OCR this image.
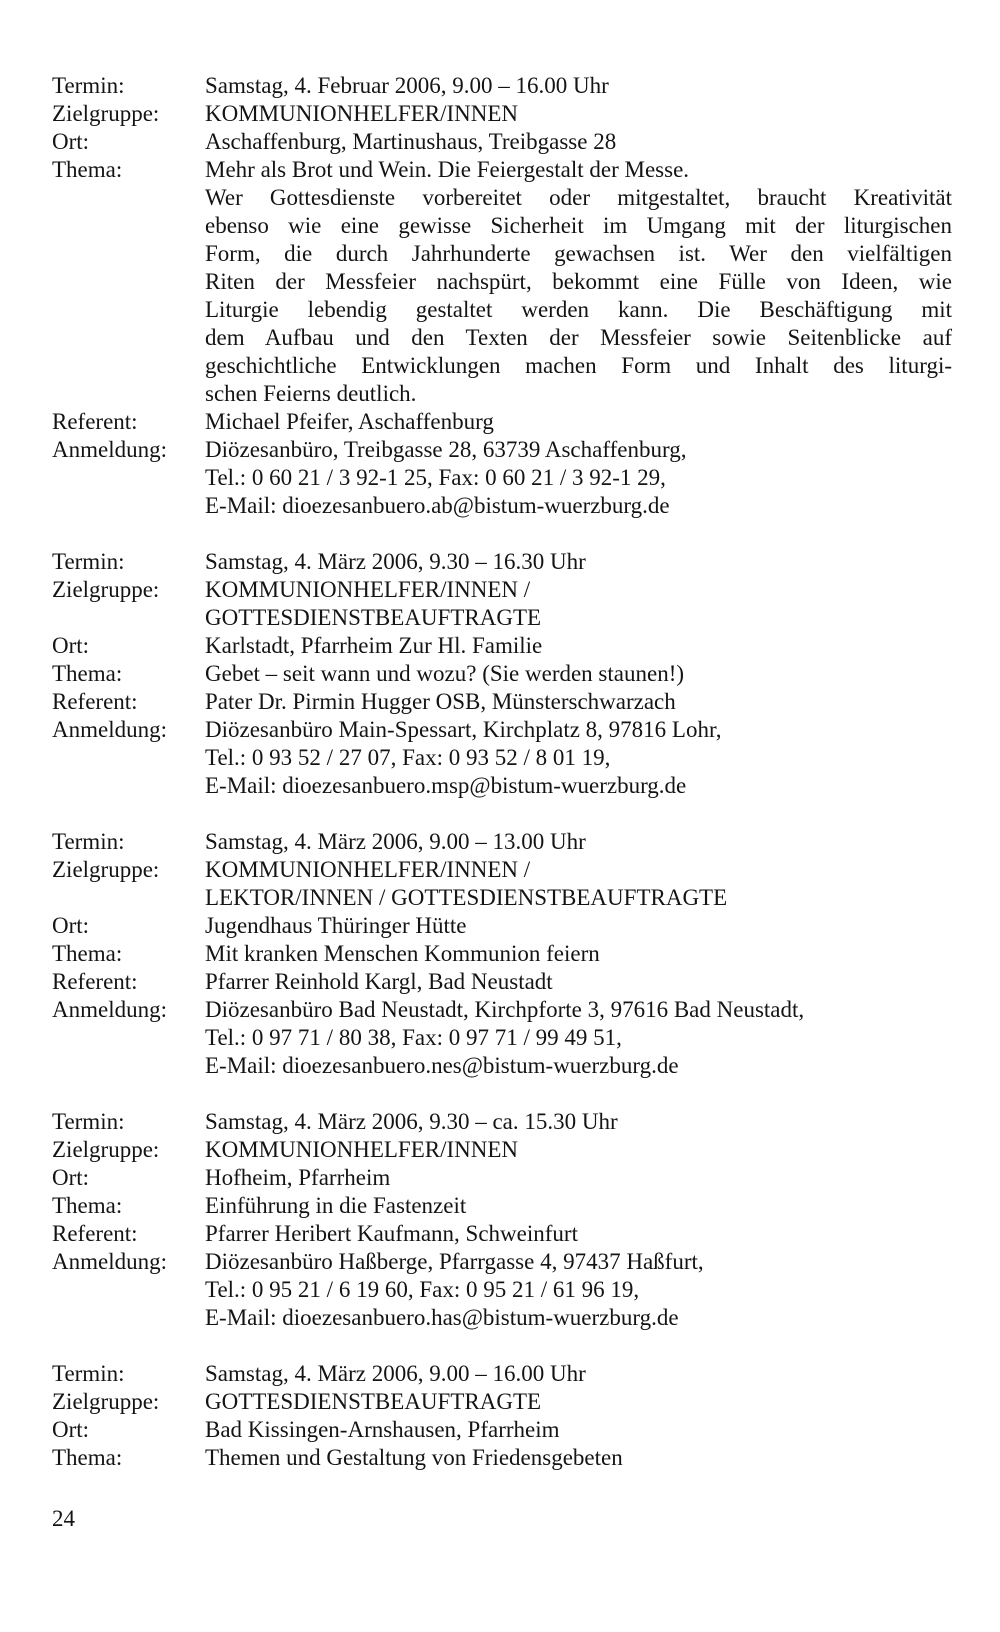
Termin:	Samstag, 4. Februar 2006, 9.00 – 16.00 Uhr
Zielgruppe:	KOMMUNIONHELFER/INNEN
Ort:	Aschaffenburg, Martinushaus, Treibgasse 28
Thema:	Mehr als Brot und Wein. Die Feiergestalt der Messe.
Wer Gottesdienste vorbereitet oder mitgestaltet, braucht Kreativität
ebenso wie eine gewisse Sicherheit im Umgang mit der liturgischen
Form, die durch Jahrhunderte gewachsen ist. Wer den vielfältigen
Riten der Messfeier nachspürt, bekommt eine Fülle von Ideen, wie
Liturgie lebendig gestaltet werden kann. Die Beschäftigung mit
dem Aufbau und den Texten der Messfeier sowie Seitenblicke auf
geschichtliche Entwicklungen machen Form und Inhalt des liturgi-
schen Feierns deutlich.
Referent:	Michael Pfeifer, Aschaffenburg
Anmeldung:	Diözesanbüro, Treibgasse 28, 63739 Aschaffenburg,
Tel.: 0 60 21 / 3 92-1 25, Fax: 0 60 21 / 3 92-1 29,
E-Mail: dioezesanbuero.ab@bistum-wuerzburg.de
Termin:	Samstag, 4. März 2006, 9.30 – 16.30 Uhr
Zielgruppe:	KOMMUNIONHELFER/INNEN /
GOTTESDIENSTBEAUFTRAGTE
Ort:	Karlstadt, Pfarrheim Zur Hl. Familie
Thema:	Gebet – seit wann und wozu? (Sie werden staunen!)
Referent:	Pater Dr. Pirmin Hugger OSB, Münsterschwarzach
Anmeldung:	Diözesanbüro Main-Spessart, Kirchplatz 8, 97816 Lohr,
Tel.: 0 93 52 / 27 07, Fax: 0 93 52 / 8 01 19,
E-Mail: dioezesanbuero.msp@bistum-wuerzburg.de
Termin:	Samstag, 4. März 2006, 9.00 – 13.00 Uhr
Zielgruppe:	KOMMUNIONHELFER/INNEN /
LEKTOR/INNEN / GOTTESDIENSTBEAUFTRAGTE
Ort:	Jugendhaus Thüringer Hütte
Thema:	Mit kranken Menschen Kommunion feiern
Referent:	Pfarrer Reinhold Kargl, Bad Neustadt
Anmeldung:	Diözesanbüro Bad Neustadt, Kirchpforte 3, 97616 Bad Neustadt,
Tel.: 0 97 71 / 80 38, Fax: 0 97 71 / 99 49 51,
E-Mail: dioezesanbuero.nes@bistum-wuerzburg.de
Termin:	Samstag, 4. März 2006, 9.30 – ca. 15.30 Uhr
Zielgruppe:	KOMMUNIONHELFER/INNEN
Ort:	Hofheim, Pfarrheim
Thema:	Einführung in die Fastenzeit
Referent:	Pfarrer Heribert Kaufmann, Schweinfurt
Anmeldung:	Diözesanbüro Haßberge, Pfarrgasse 4, 97437 Haßfurt,
Tel.: 0 95 21 / 6 19 60, Fax: 0 95 21 / 61 96 19,
E-Mail: dioezesanbuero.has@bistum-wuerzburg.de
Termin:	Samstag, 4. März 2006, 9.00 – 16.00 Uhr
Zielgruppe:	GOTTESDIENSTBEAUFTRAGTE
Ort:	Bad Kissingen-Arnshausen, Pfarrheim
Thema:	Themen und Gestaltung von Friedensgebeten
24
